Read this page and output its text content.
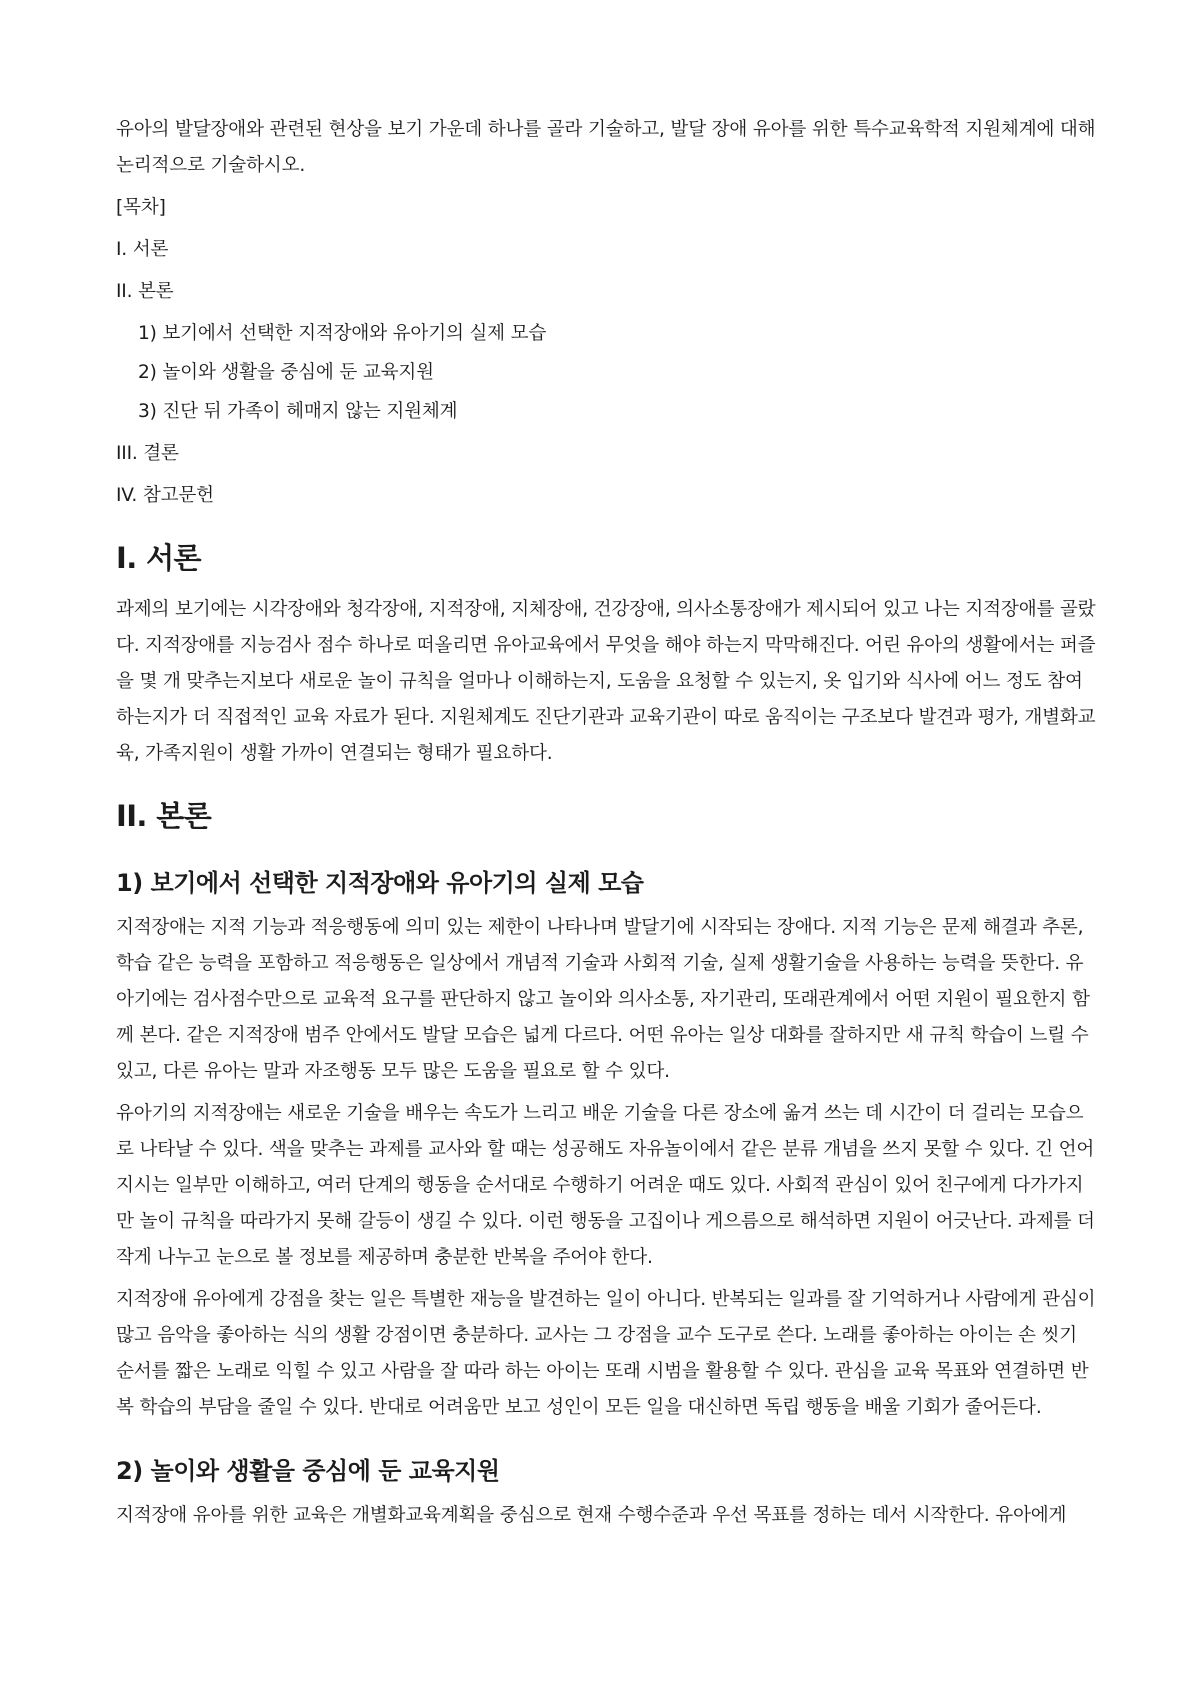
유아의 발달장애와 관련된 현상을 보기 가운데 하나를 골라 기술하고, 발달 장애 유아를 위한 특수교육학적 지원체계에 대해 논리적으로 기술하시오.

[목차]

I. 서론
II. 본론
1) 보기에서 선택한 지적장애와 유아기의 실제 모습
2) 놀이와 생활을 중심에 둔 교육지원
3) 진단 뒤 가족이 헤매지 않는 지원체계
III. 결론
IV. 참고문헌
I. 서론

과제의 보기에는 시각장애와 청각장애, 지적장애, 지체장애, 건강장애, 의사소통장애가 제시되어 있고 나는 지적장애를 골랐다. 지적장애를 지능검사 점수 하나로 떠올리면 유아교육에서 무엇을 해야 하는지 막막해진다. 어린 유아의 생활에서는 퍼즐을 몇 개 맞추는지보다 새로운 놀이 규칙을 얼마나 이해하는지, 도움을 요청할 수 있는지, 옷 입기와 식사에 어느 정도 참여하는지가 더 직접적인 교육 자료가 된다. 지원체계도 진단기관과 교육기관이 따로 움직이는 구조보다 발견과 평가, 개별화교육, 가족지원이 생활 가까이 연결되는 형태가 필요하다.

II. 본론
1) 보기에서 선택한 지적장애와 유아기의 실제 모습

지적장애는 지적 기능과 적응행동에 의미 있는 제한이 나타나며 발달기에 시작되는 장애다. 지적 기능은 문제 해결과 추론, 학습 같은 능력을 포함하고 적응행동은 일상에서 개념적 기술과 사회적 기술, 실제 생활기술을 사용하는 능력을 뜻한다. 유아기에는 검사점수만으로 교육적 요구를 판단하지 않고 놀이와 의사소통, 자기관리, 또래관계에서 어떤 지원이 필요한지 함께 본다. 같은 지적장애 범주 안에서도 발달 모습은 넓게 다르다. 어떤 유아는 일상 대화를 잘하지만 새 규칙 학습이 느릴 수 있고, 다른 유아는 말과 자조행동 모두 많은 도움을 필요로 할 수 있다.

유아기의 지적장애는 새로운 기술을 배우는 속도가 느리고 배운 기술을 다른 장소에 옮겨 쓰는 데 시간이 더 걸리는 모습으로 나타날 수 있다. 색을 맞추는 과제를 교사와 할 때는 성공해도 자유놀이에서 같은 분류 개념을 쓰지 못할 수 있다. 긴 언어 지시는 일부만 이해하고, 여러 단계의 행동을 순서대로 수행하기 어려운 때도 있다. 사회적 관심이 있어 친구에게 다가가지만 놀이 규칙을 따라가지 못해 갈등이 생길 수 있다. 이런 행동을 고집이나 게으름으로 해석하면 지원이 어긋난다. 과제를 더 작게 나누고 눈으로 볼 정보를 제공하며 충분한 반복을 주어야 한다.

지적장애 유아에게 강점을 찾는 일은 특별한 재능을 발견하는 일이 아니다. 반복되는 일과를 잘 기억하거나 사람에게 관심이 많고 음악을 좋아하는 식의 생활 강점이면 충분하다. 교사는 그 강점을 교수 도구로 쓴다. 노래를 좋아하는 아이는 손 씻기 순서를 짧은 노래로 익힐 수 있고 사람을 잘 따라 하는 아이는 또래 시범을 활용할 수 있다. 관심을 교육 목표와 연결하면 반복 학습의 부담을 줄일 수 있다. 반대로 어려움만 보고 성인이 모든 일을 대신하면 독립 행동을 배울 기회가 줄어든다.

2) 놀이와 생활을 중심에 둔 교육지원

지적장애 유아를 위한 교육은 개별화교육계획을 중심으로 현재 수행수준과 우선 목표를 정하는 데서 시작한다. 유아에게
